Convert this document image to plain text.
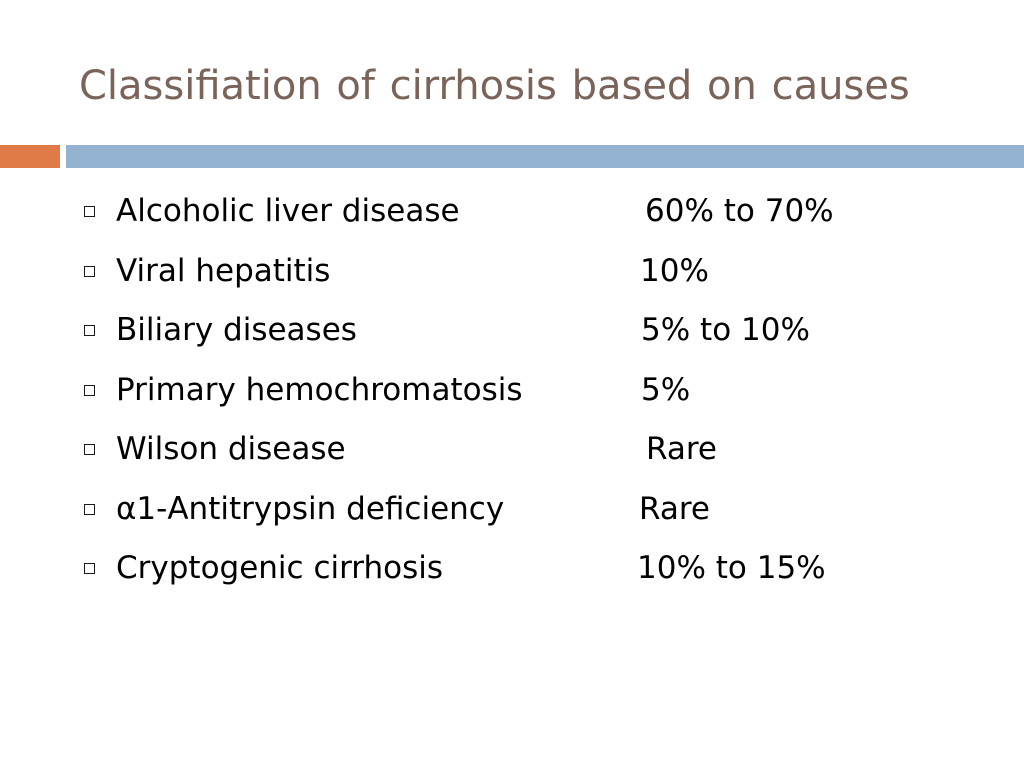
Classifiation of cirrhosis based on causes
Alcoholic liver disease	60% to 70%
Viral hepatitis	10%
Biliary diseases	5% to 10%
Primary hemochromatosis	5%
Wilson disease	Rare
α1-Antitrypsin deficiency	Rare
Cryptogenic cirrhosis	10% to 15%
